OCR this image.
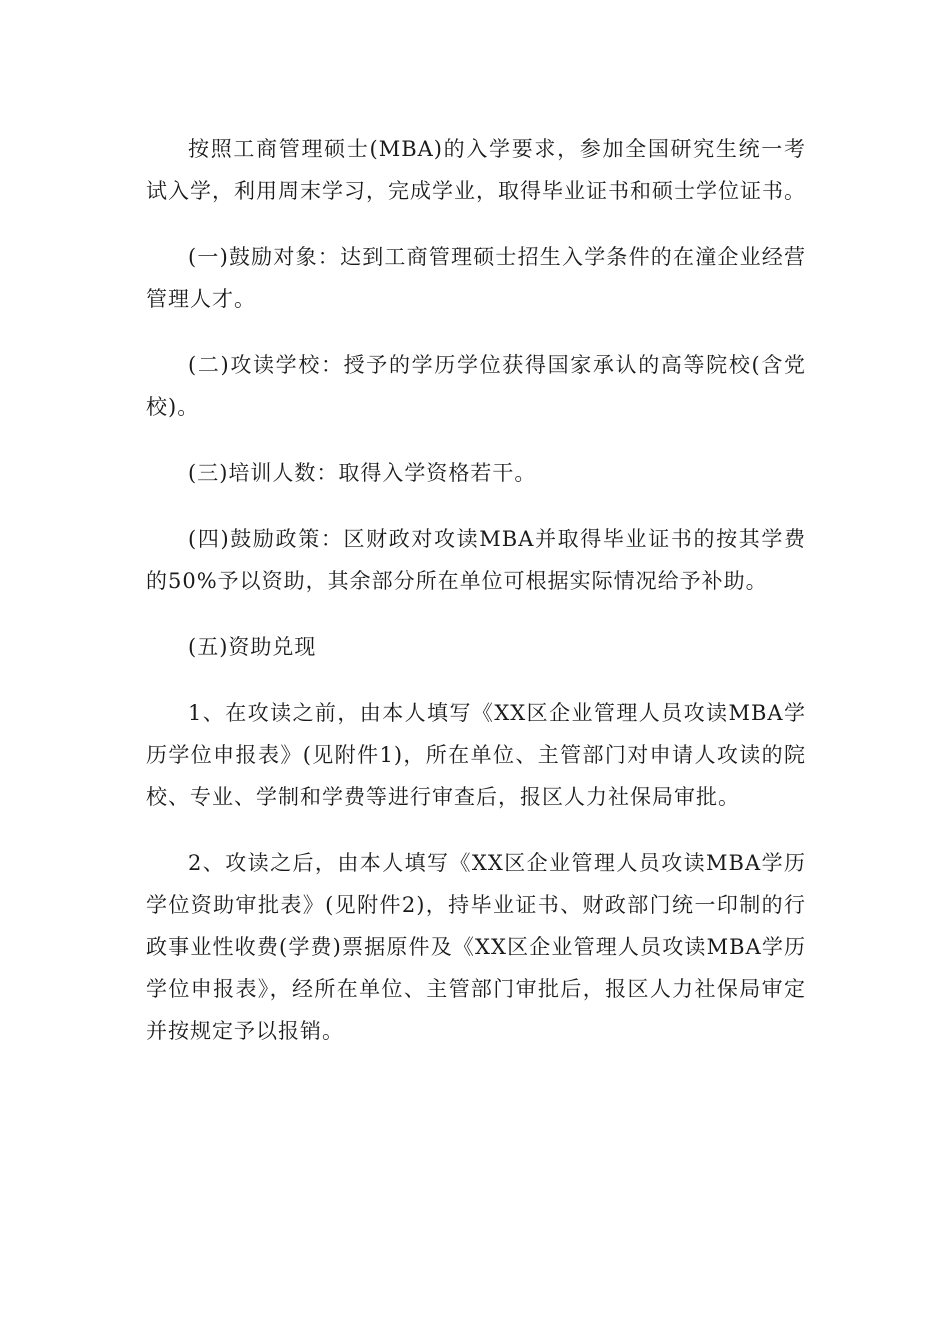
按照工商管理硕士(MBA)的入学要求，参加全国研究生统一考试入学，利用周末学习，完成学业，取得毕业证书和硕士学位证书。

(一)鼓励对象：达到工商管理硕士招生入学条件的在潼企业经营管理人才。

(二)攻读学校：授予的学历学位获得国家承认的高等院校(含党校)。

(三)培训人数：取得入学资格若干。

(四)鼓励政策：区财政对攻读MBA并取得毕业证书的按其学费的50%予以资助，其余部分所在单位可根据实际情况给予补助。

(五)资助兑现

1、在攻读之前，由本人填写《XX区企业管理人员攻读MBA学历学位申报表》(见附件1)，所在单位、主管部门对申请人攻读的院校、专业、学制和学费等进行审查后，报区人力社保局审批。

2、攻读之后，由本人填写《XX区企业管理人员攻读MBA学历学位资助审批表》(见附件2)，持毕业证书、财政部门统一印制的行政事业性收费(学费)票据原件及《XX区企业管理人员攻读MBA学历学位申报表》，经所在单位、主管部门审批后，报区人力社保局审定并按规定予以报销。
